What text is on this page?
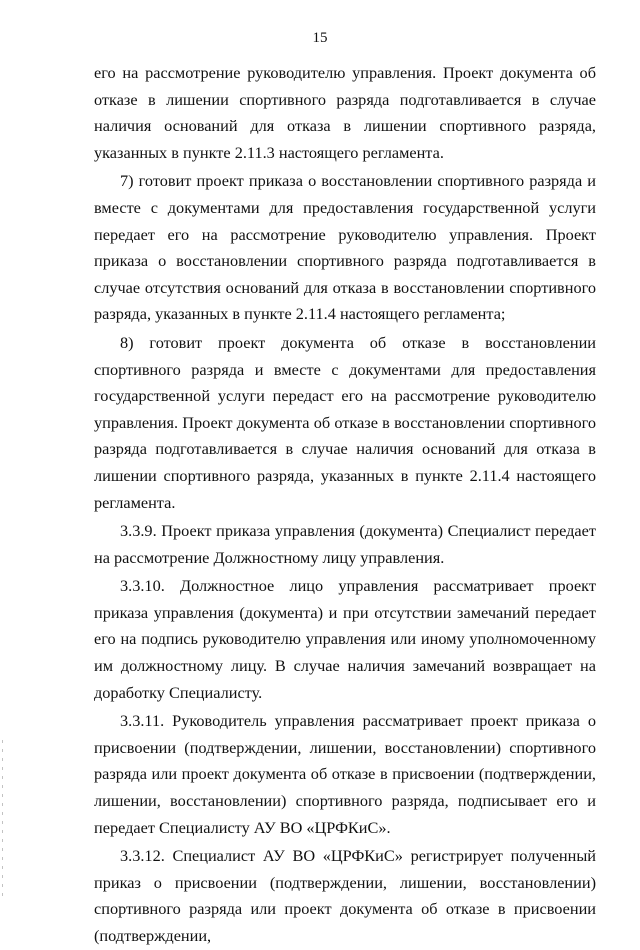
15

его на рассмотрение руководителю управления. Проект документа об отказе в лишении спортивного разряда подготавливается в случае наличия оснований для отказа в лишении спортивного разряда, указанных в пункте 2.11.3 настоящего регламента.

7) готовит проект приказа о восстановлении спортивного разряда и вместе с документами для предоставления государственной услуги передает его на рассмотрение руководителю управления. Проект приказа о восстановлении спортивного разряда подготавливается в случае отсутствия оснований для отказа в восстановлении спортивного разряда, указанных в пункте 2.11.4 настоящего регламента;

8) готовит проект документа об отказе в восстановлении спортивного разряда и вместе с документами для предоставления государственной услуги передаст его на рассмотрение руководителю управления. Проект документа об отказе в восстановлении спортивного разряда подготавливается в случае наличия оснований для отказа в лишении спортивного разряда, указанных в пункте 2.11.4 настоящего регламента.

3.3.9. Проект приказа управления (документа) Специалист передает на рассмотрение Должностному лицу управления.

3.3.10. Должностное лицо управления рассматривает проект приказа управления (документа) и при отсутствии замечаний передает его на подпись руководителю управления или иному уполномоченному им должностному лицу. В случае наличия замечаний возвращает на доработку Специалисту.

3.3.11. Руководитель управления рассматривает проект приказа о присвоении (подтверждении, лишении, восстановлении) спортивного разряда или проект документа об отказе в присвоении (подтверждении, лишении, восстановлении) спортивного разряда, подписывает его и передает Специалисту АУ ВО «ЦРФКиС».

3.3.12. Специалист АУ ВО «ЦРФКиС» регистрирует полученный приказ о присвоении (подтверждении, лишении, восстановлении) спортивного разряда или проект документа об отказе в присвоении (подтверждении,
